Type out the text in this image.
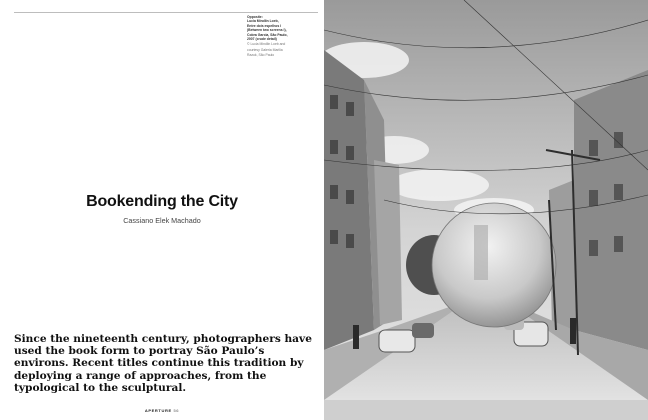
Opposite:
Lucia Mindlin Loeb,
Entre dois espelhos I
(Between two screens I),
Cobra Garcia, São Paulo,
2007 (crude detail)
© Lucia Mindlin Loeb and
courtesy Galeria Marilia
Razuk, São Paulo
Bookending the City
Cassiano Elek Machado
Since the nineteenth century, photographers have used the book form to portray São Paulo’s environs. Recent titles continue this tradition by deploying a range of approaches, from the typological to the sculptural.
APERTURE 56
